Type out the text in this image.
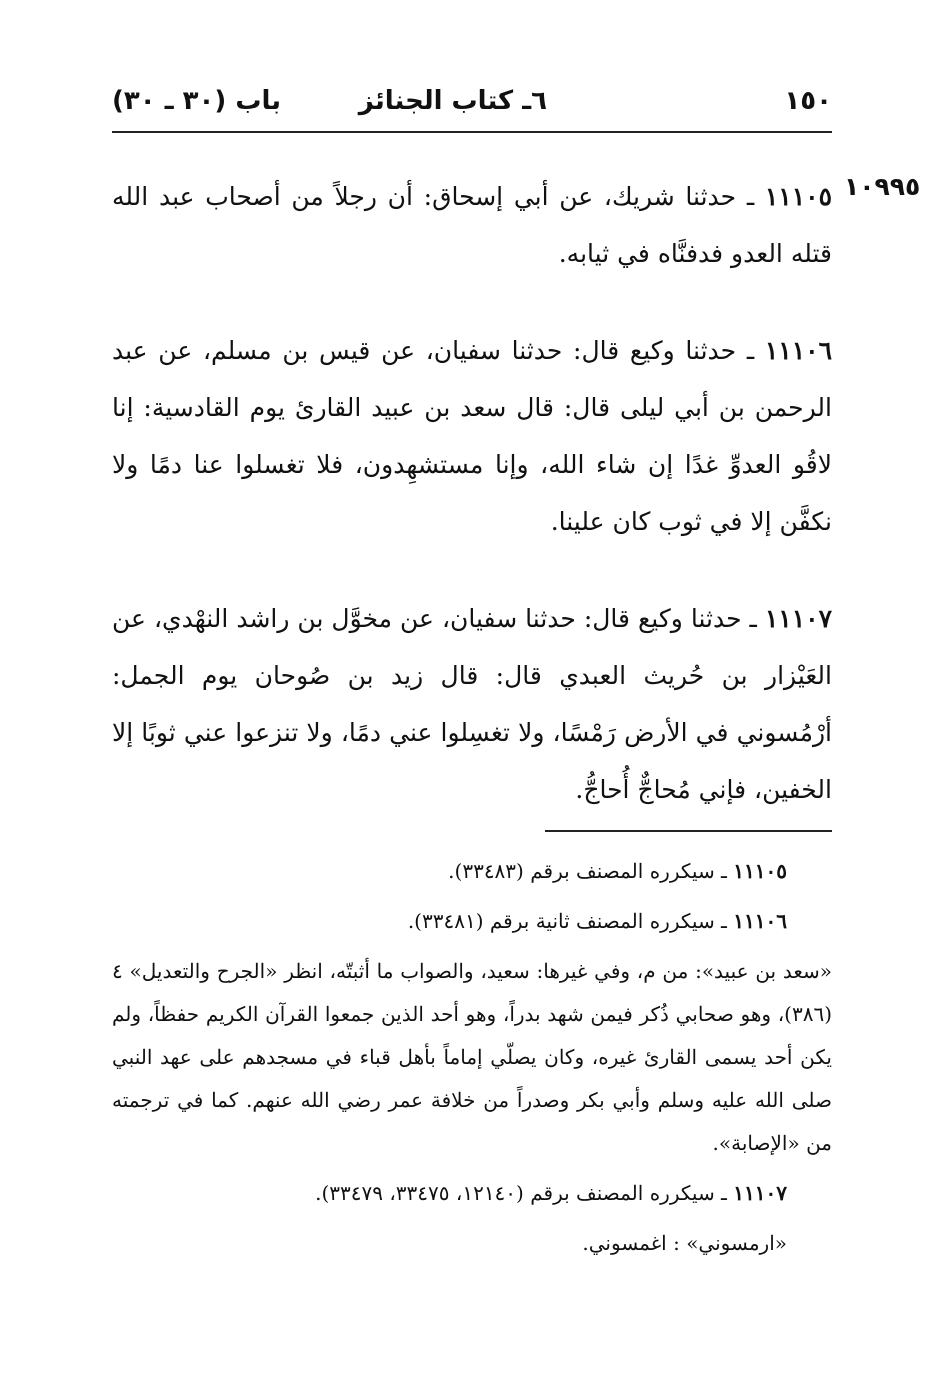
١٥٠
٦ـ كتاب الجنائز
باب (٣٠ ـ ٣٠)
١٠٩٩٥

١١١٠٥ ـ حدثنا شريك، عن أبي إسحاق: أن رجلاً من أصحاب عبد الله قتله العدو فدفنَّاه في ثيابه.

١١١٠٦ ـ حدثنا وكيع قال: حدثنا سفيان، عن قيس بن مسلم، عن عبد الرحمن بن أبي ليلى قال: قال سعد بن عبيد القارئ يوم القادسية: إنا لاقُو العدوِّ غدًا إن شاء الله، وإنا مستشهِدون، فلا تغسلوا عنا دمًا ولا نكفَّن إلا في ثوب كان علينا.

١١١٠٧ ـ حدثنا وكيع قال: حدثنا سفيان، عن مخوَّل بن راشد النهْدي، عن العَيْزار بن حُريث العبدي قال: قال زيد بن صُوحان يوم الجمل: أرْمُسوني في الأرض رَمْسًا، ولا تغسِلوا عني دمًا، ولا تنزعوا عني ثوبًا إلا الخفين، فإني مُحاجٌّ أُحاجُّ.

١١١٠٥ ـ سيكرره المصنف برقم (٣٣٤٨٣).

١١١٠٦ ـ سيكرره المصنف ثانية برقم (٣٣٤٨١).

«سعد بن عبيد»: من م، وفي غيرها: سعيد، والصواب ما أثبتّه، انظر «الجرح والتعديل» ٤ (٣٨٦)، وهو صحابي ذُكر فيمن شهد بدراً، وهو أحد الذين جمعوا القرآن الكريم حفظاً، ولم يكن أحد يسمى القارئ غيره، وكان يصلّي إماماً بأهل قباء في مسجدهم على عهد النبي صلى الله عليه وسلم وأبي بكر وصدراً من خلافة عمر رضي الله عنهم. كما في ترجمته من «الإصابة».

١١١٠٧ ـ سيكرره المصنف برقم (١٢١٤٠، ٣٣٤٧٥، ٣٣٤٧٩).

«ارمسوني» : اغمسوني.
